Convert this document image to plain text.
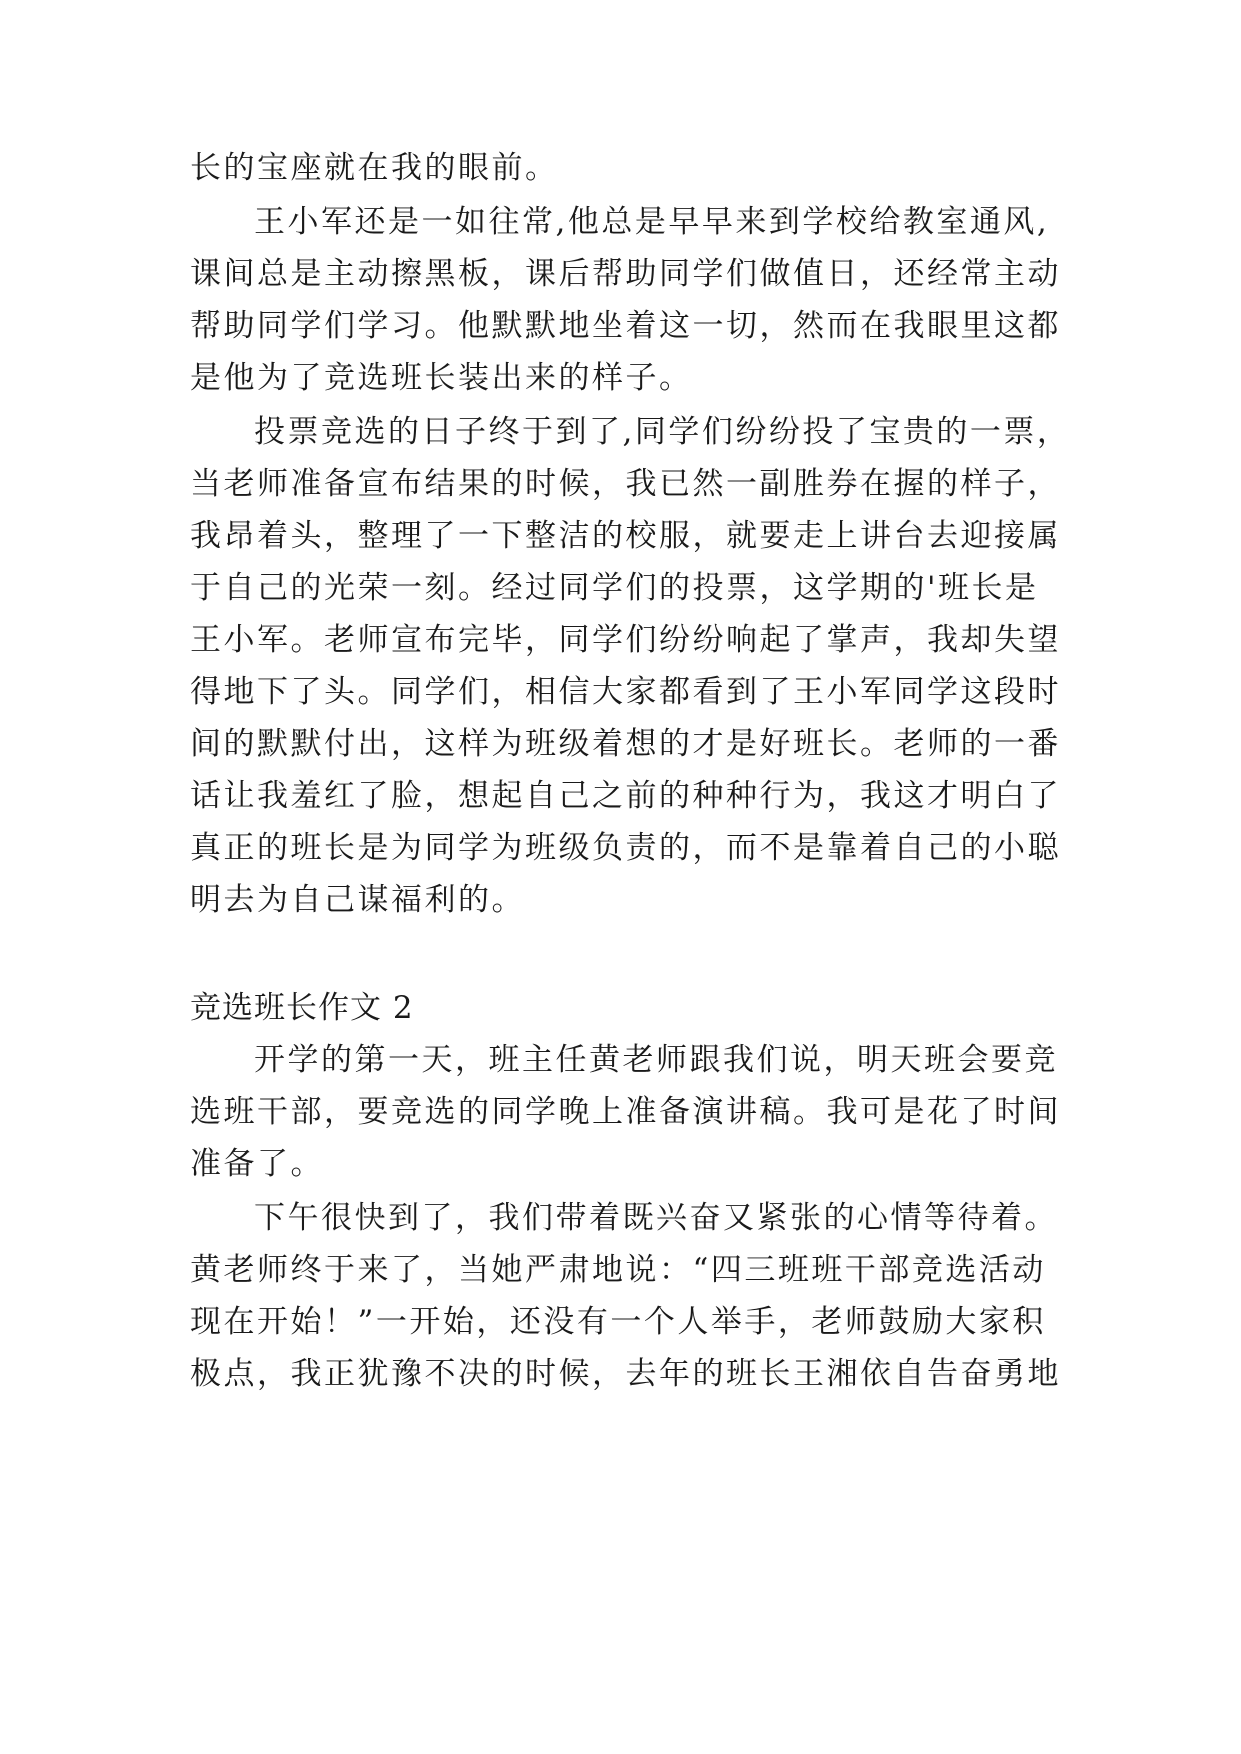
长的宝座就在我的眼前。
王小军还是一如往常,他总是早早来到学校给教室通风,
课间总是主动擦黑板，课后帮助同学们做值日，还经常主动
帮助同学们学习。他默默地坐着这一切，然而在我眼里这都
是他为了竞选班长装出来的样子。
投票竞选的日子终于到了,同学们纷纷投了宝贵的一票，
当老师准备宣布结果的时候，我已然一副胜券在握的样子，
我昂着头，整理了一下整洁的校服，就要走上讲台去迎接属
于自己的光荣一刻。经过同学们的投票，这学期的'班长是
王小军。老师宣布完毕，同学们纷纷响起了掌声，我却失望
得地下了头。同学们，相信大家都看到了王小军同学这段时
间的默默付出，这样为班级着想的才是好班长。老师的一番
话让我羞红了脸，想起自己之前的种种行为，我这才明白了
真正的班长是为同学为班级负责的，而不是靠着自己的小聪
明去为自己谋福利的。
竞选班长作文 2
开学的第一天，班主任黄老师跟我们说，明天班会要竞
选班干部，要竞选的同学晚上准备演讲稿。我可是花了时间
准备了。
下午很快到了，我们带着既兴奋又紧张的心情等待着。
黄老师终于来了，当她严肃地说：“四三班班干部竞选活动
现在开始！”一开始，还没有一个人举手，老师鼓励大家积
极点，我正犹豫不决的时候，去年的班长王湘依自告奋勇地
